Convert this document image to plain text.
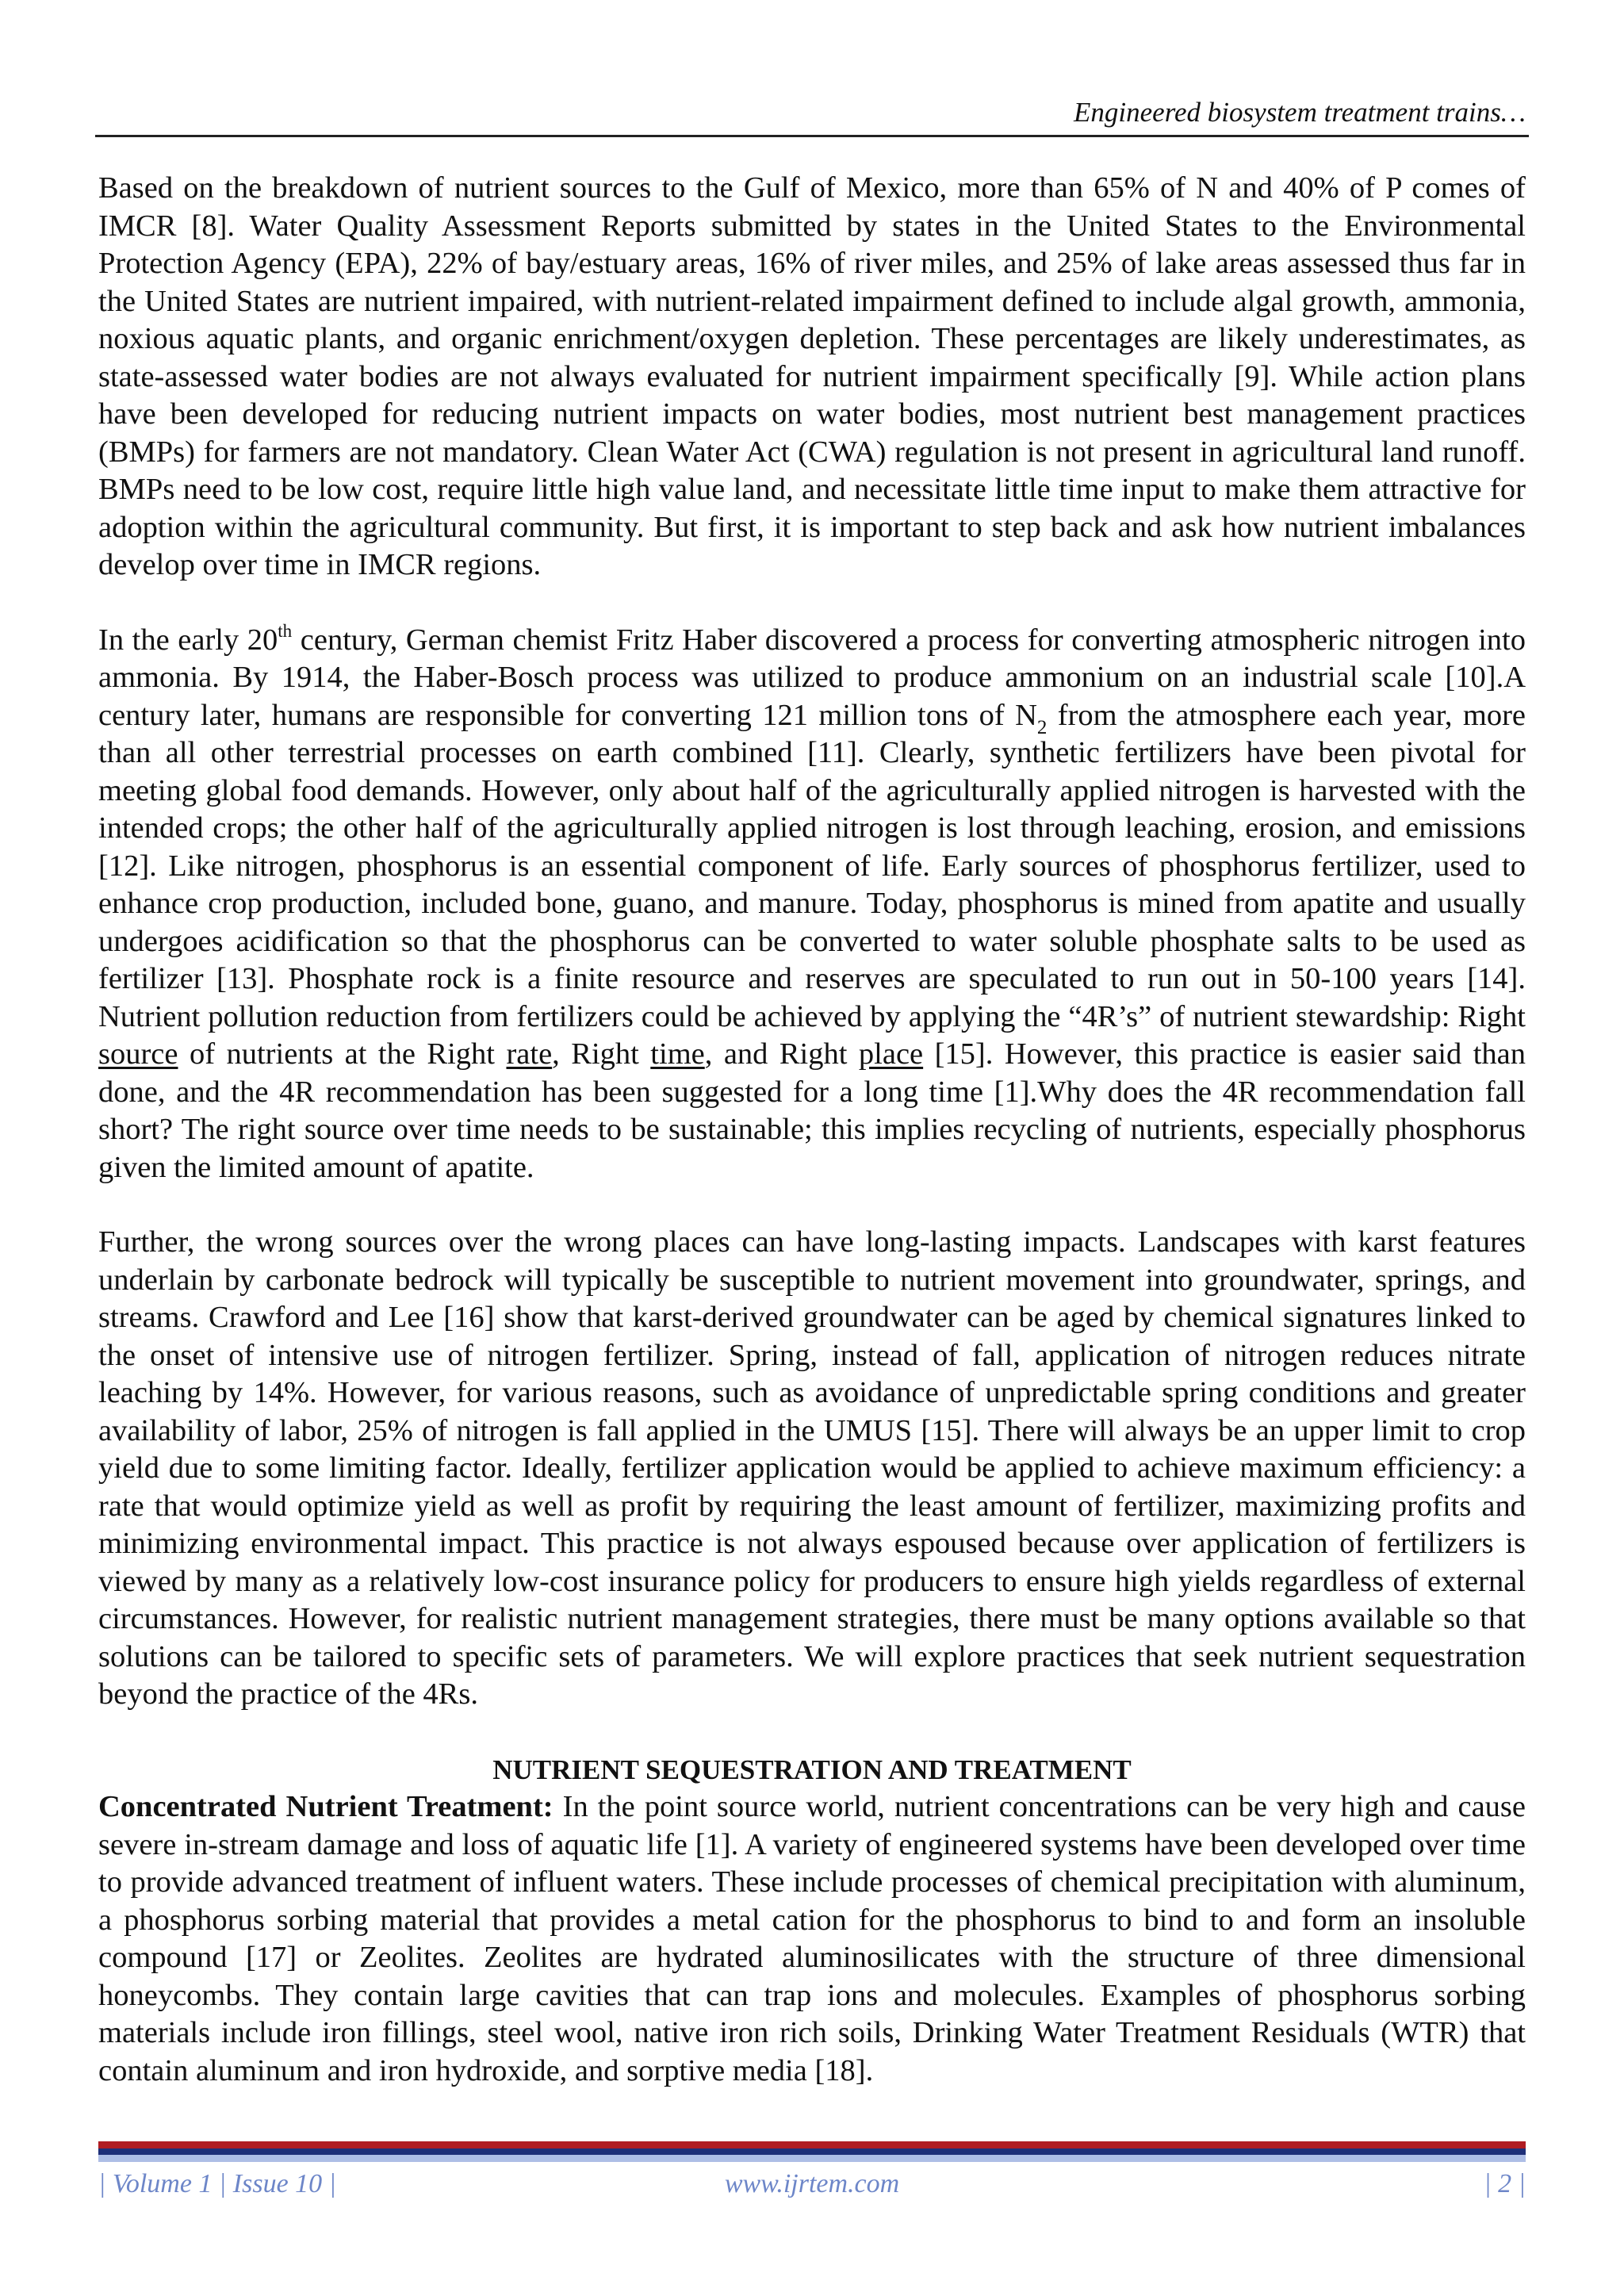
Engineered biosystem treatment trains…

Based on the breakdown of nutrient sources to the Gulf of Mexico, more than 65% of N and 40% of P comes of IMCR [8]. Water Quality Assessment Reports submitted by states in the United States to the Environmental Protection Agency (EPA), 22% of bay/estuary areas, 16% of river miles, and 25% of lake areas assessed thus far in the United States are nutrient impaired, with nutrient-related impairment defined to include algal growth, ammonia, noxious aquatic plants, and organic enrichment/oxygen depletion. These percentages are likely underestimates, as state-assessed water bodies are not always evaluated for nutrient impairment specifically [9]. While action plans have been developed for reducing nutrient impacts on water bodies, most nutrient best management practices (BMPs) for farmers are not mandatory. Clean Water Act (CWA) regulation is not present in agricultural land runoff. BMPs need to be low cost, require little high value land, and necessitate little time input to make them attractive for adoption within the agricultural community. But first, it is important to step back and ask how nutrient imbalances develop over time in IMCR regions.

In the early 20th century, German chemist Fritz Haber discovered a process for converting atmospheric nitrogen into ammonia. By 1914, the Haber-Bosch process was utilized to produce ammonium on an industrial scale [10].A century later, humans are responsible for converting 121 million tons of $N_2$ from the atmosphere each year, more than all other terrestrial processes on earth combined [11]. Clearly, synthetic fertilizers have been pivotal for meeting global food demands. However, only about half of the agriculturally applied nitrogen is harvested with the intended crops; the other half of the agriculturally applied nitrogen is lost through leaching, erosion, and emissions [12]. Like nitrogen, phosphorus is an essential component of life. Early sources of phosphorus fertilizer, used to enhance crop production, included bone, guano, and manure. Today, phosphorus is mined from apatite and usually undergoes acidification so that the phosphorus can be converted to water soluble phosphate salts to be used as fertilizer [13]. Phosphate rock is a finite resource and reserves are speculated to run out in 50-100 years [14]. Nutrient pollution reduction from fertilizers could be achieved by applying the “4R’s” of nutrient stewardship: Right source of nutrients at the Right rate, Right time, and Right place [15]. However, this practice is easier said than done, and the 4R recommendation has been suggested for a long time [1].Why does the 4R recommendation fall short? The right source over time needs to be sustainable; this implies recycling of nutrients, especially phosphorus given the limited amount of apatite.

Further, the wrong sources over the wrong places can have long-lasting impacts. Landscapes with karst features underlain by carbonate bedrock will typically be susceptible to nutrient movement into groundwater, springs, and streams. Crawford and Lee [16] show that karst-derived groundwater can be aged by chemical signatures linked to the onset of intensive use of nitrogen fertilizer. Spring, instead of fall, application of nitrogen reduces nitrate leaching by 14%. However, for various reasons, such as avoidance of unpredictable spring conditions and greater availability of labor, 25% of nitrogen is fall applied in the UMUS [15]. There will always be an upper limit to crop yield due to some limiting factor. Ideally, fertilizer application would be applied to achieve maximum efficiency: a rate that would optimize yield as well as profit by requiring the least amount of fertilizer, maximizing profits and minimizing environmental impact. This practice is not always espoused because over application of fertilizers is viewed by many as a relatively low-cost insurance policy for producers to ensure high yields regardless of external circumstances. However, for realistic nutrient management strategies, there must be many options available so that solutions can be tailored to specific sets of parameters. We will explore practices that seek nutrient sequestration beyond the practice of the 4Rs.

NUTRIENT SEQUESTRATION AND TREATMENT

Concentrated Nutrient Treatment: In the point source world, nutrient concentrations can be very high and cause severe in-stream damage and loss of aquatic life [1]. A variety of engineered systems have been developed over time to provide advanced treatment of influent waters. These include processes of chemical precipitation with aluminum, a phosphorus sorbing material that provides a metal cation for the phosphorus to bind to and form an insoluble compound [17] or Zeolites. Zeolites are hydrated aluminosilicates with the structure of three dimensional honeycombs. They contain large cavities that can trap ions and molecules. Examples of phosphorus sorbing materials include iron fillings, steel wool, native iron rich soils, Drinking Water Treatment Residuals (WTR) that contain aluminum and iron hydroxide, and sorptive media [18].

| Volume 1 | Issue 10 |	www.ijrtem.com	| 2 |
